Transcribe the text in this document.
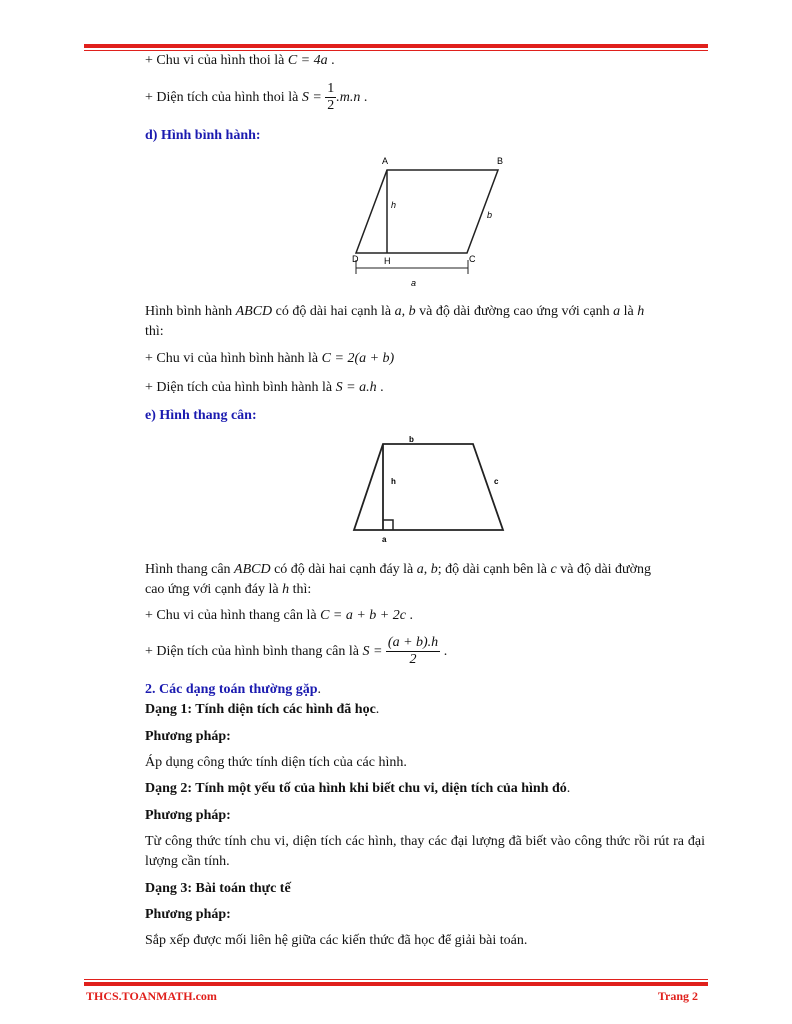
+ Chu vi của hình thoi là C = 4a .
+ Diện tích của hình thoi là $S = \frac{1}{2} .m.n$ .
d) Hình bình hành:
A	B
C
D	H
h
b
a
Hình bình hành ABCD có độ dài hai cạnh là a, b và độ dài đường cao ứng với cạnh a là h
thì:
+ Chu vi của hình bình hành là C = 2(a + b)
+ Diện tích của hình bình hành là S = a.h .
e) Hình thang cân:
b
c
h
a
Hình thang cân ABCD có độ dài hai cạnh đáy là a, b; độ dài cạnh bên là c và độ dài đường
cao ứng với cạnh đáy là h thì:
+ Chu vi của hình thang cân là C = a + b + 2c .
+ Diện tích của hình bình thang cân là $S = \frac{(a + b).h}{2}$ .
2. Các dạng toán thường gặp.
Dạng 1: Tính diện tích các hình đã học.
Phương pháp:
Áp dụng công thức tính diện tích của các hình.
Dạng 2: Tính một yếu tố của hình khi biết chu vi, diện tích của hình đó.
Phương pháp:
Từ công thức tính chu vi, diện tích các hình, thay các đại lượng đã biết vào công thức rồi rút ra đại lượng cần tính.
Dạng 3: Bài toán thực tế
Phương pháp:
Sắp xếp được mối liên hệ giữa các kiến thức đã học để giải bài toán.
THCS.TOANMATH.com	Trang 2
